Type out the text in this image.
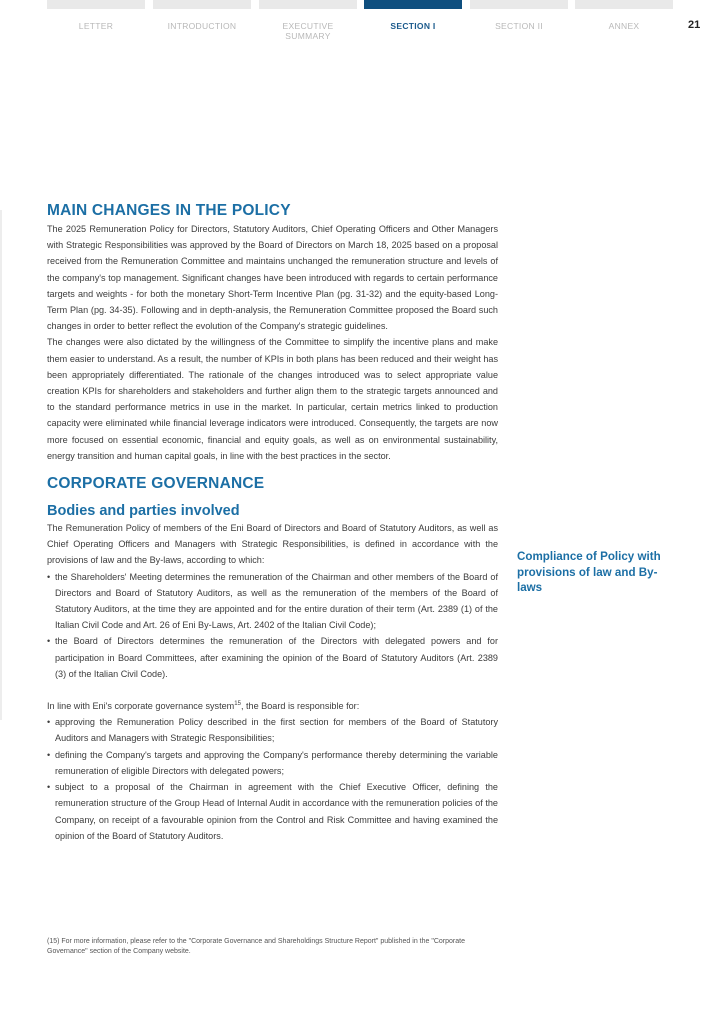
LETTER	INTRODUCTION	EXECUTIVE SUMMARY
SECTION I	SECTION II	ANNEX	21
MAIN CHANGES IN THE POLICY

The 2025 Remuneration Policy for Directors, Statutory Auditors, Chief Operating Officers and Other Managers with Strategic Responsibilities was approved by the Board of Directors on March 18, 2025 based on a proposal received from the Remuneration Committee and maintains unchanged the remuneration structure and levels of the company's top management. Significant changes have been introduced with regards to certain performance targets and weights - for both the monetary Short-Term Incentive Plan (pg. 31-32) and the equity-based Long-Term Plan (pg. 34-35). Following and in depth-analysis, the Remuneration Committee proposed the Board such changes in order to better reflect the evolution of the Company's strategic guidelines.

The changes were also dictated by the willingness of the Committee to simplify the incentive plans and make them easier to understand. As a result, the number of KPIs in both plans has been reduced and their weight has been appropriately differentiated. The rationale of the changes introduced was to select appropriate value creation KPIs for shareholders and stakeholders and further align them to the strategic targets announced and to the standard performance metrics in use in the market. In particular, certain metrics linked to production capacity were eliminated while financial leverage indicators were introduced. Consequently, the targets are now more focused on essential economic, financial and equity goals, as well as on environmental sustainability, energy transition and human capital goals, in line with the best practices in the sector.

CORPORATE GOVERNANCE
Bodies and parties involved

The Remuneration Policy of members of the Eni Board of Directors and Board of Statutory Auditors, as well as Chief Operating Officers and Managers with Strategic Responsibilities, is defined in accordance with the provisions of law and the By-laws, according to which:

• the Shareholders' Meeting determines the remuneration of the Chairman and other members of the Board of Directors and Board of Statutory Auditors, as well as the remuneration of the members of the Board of Statutory Auditors, at the time they are appointed and for the entire duration of their term (Art. 2389 (1) of the Italian Civil Code and Art. 26 of Eni By-Laws, Art. 2402 of the Italian Civil Code);
• the Board of Directors determines the remuneration of the Directors with delegated powers and for participation in Board Committees, after examining the opinion of the Board of Statutory Auditors (Art. 2389 (3) of the Italian Civil Code).

In line with Eni's corporate governance system$^{15}$, the Board is responsible for:

• approving the Remuneration Policy described in the first section for members of the Board of Statutory Auditors and Managers with Strategic Responsibilities;
• defining the Company's targets and approving the Company's performance thereby determining the variable remuneration of eligible Directors with delegated powers;
• subject to a proposal of the Chairman in agreement with the Chief Executive Officer, defining the remuneration structure of the Group Head of Internal Audit in accordance with the remuneration policies of the Company, on receipt of a favourable opinion from the Control and Risk Committee and having examined the opinion of the Board of Statutory Auditors.
Compliance of Policy with provisions of law and By-laws
(15) For more information, please refer to the "Corporate Governance and Shareholdings Structure Report" published in the "Corporate Governance" section of the Company website.
